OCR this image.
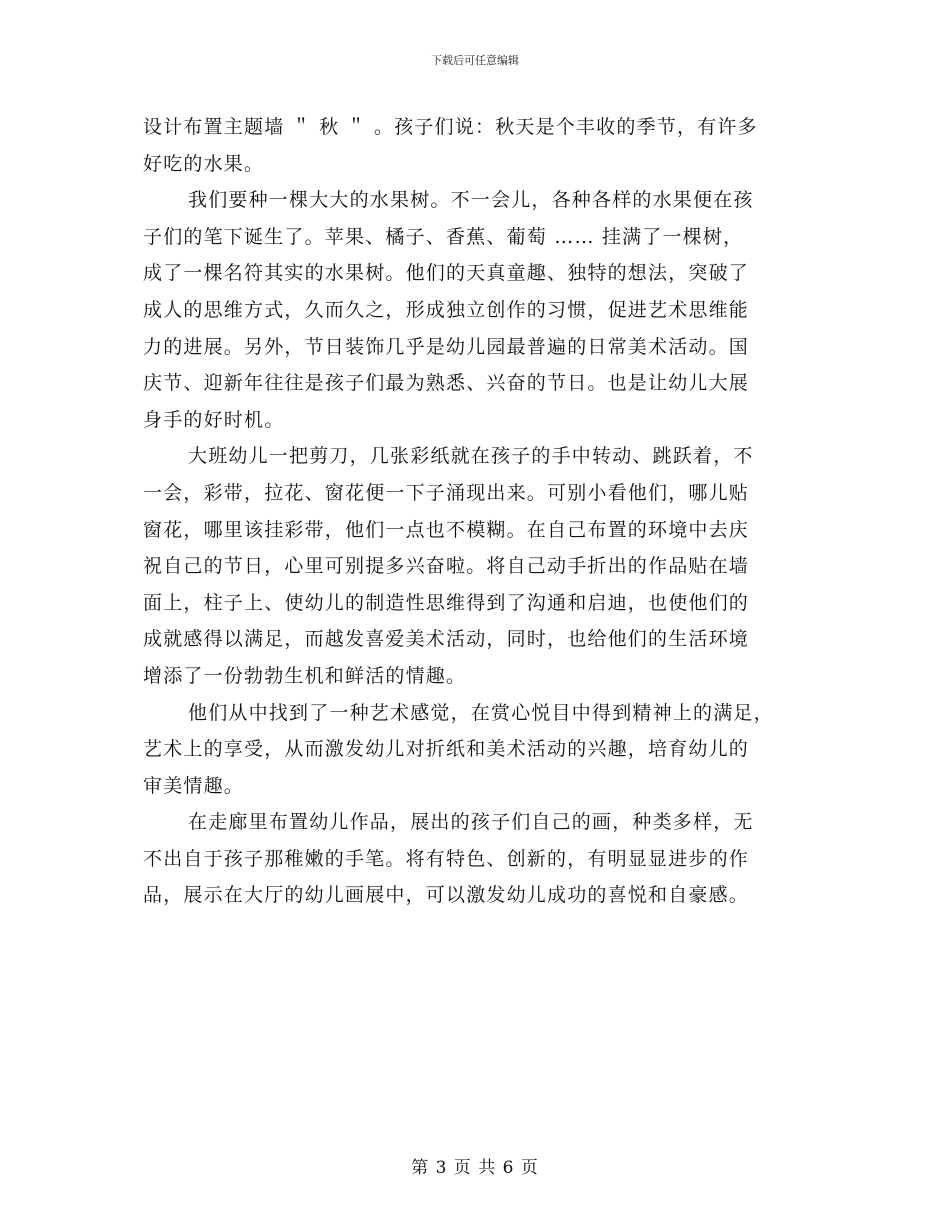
下载后可任意编辑

设计布置主题墙 ＂ 秋 ＂ 。孩子们说：秋天是个丰收的季节，有许多
好吃的水果。

我们要种一棵大大的水果树。不一会儿，各种各样的水果便在孩
子们的笔下诞生了。苹果、橘子、香蕉、葡萄 …… 挂满了一棵树，
成了一棵名符其实的水果树。他们的天真童趣、独特的想法，突破了
成人的思维方式，久而久之，形成独立创作的习惯，促进艺术思维能
力的进展。另外，节日装饰几乎是幼儿园最普遍的日常美术活动。国
庆节、迎新年往往是孩子们最为熟悉、兴奋的节日。也是让幼儿大展
身手的好时机。

大班幼儿一把剪刀，几张彩纸就在孩子的手中转动、跳跃着，不
一会，彩带，拉花、窗花便一下子涌现出来。可别小看他们，哪儿贴
窗花，哪里该挂彩带，他们一点也不模糊。在自己布置的环境中去庆
祝自己的节日，心里可别提多兴奋啦。将自己动手折出的作品贴在墙
面上，柱子上、使幼儿的制造性思维得到了沟通和启迪，也使他们的
成就感得以满足，而越发喜爱美术活动，同时，也给他们的生活环境
增添了一份勃勃生机和鲜活的情趣。

他们从中找到了一种艺术感觉，在赏心悦目中得到精神上的满足，
艺术上的享受，从而激发幼儿对折纸和美术活动的兴趣，培育幼儿的
审美情趣。

在走廊里布置幼儿作品，展出的孩子们自己的画，种类多样，无
不出自于孩子那稚嫩的手笔。将有特色、创新的，有明显显进步的作
品，展示在大厅的幼儿画展中，可以激发幼儿成功的喜悦和自豪感。

第 3 页 共 6 页
